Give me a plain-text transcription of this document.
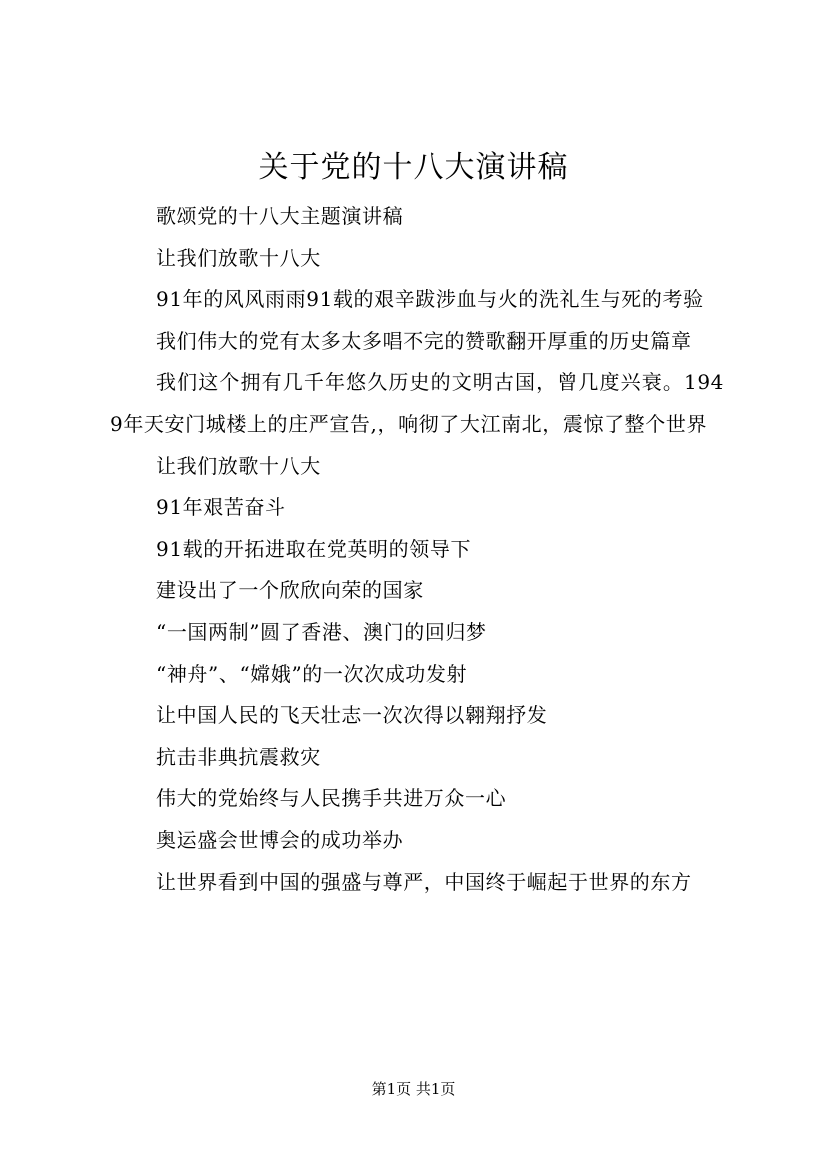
关于党的十八大演讲稿

歌颂党的十八大主题演讲稿

让我们放歌十八大

91年的风风雨雨91载的艰辛跋涉血与火的洗礼生与死的考验

我们伟大的党有太多太多唱不完的赞歌翻开厚重的历史篇章

我们这个拥有几千年悠久历史的文明古国，曾几度兴衰。1949年天安门城楼上的庄严宣告,，响彻了大江南北，震惊了整个世界

让我们放歌十八大

91年艰苦奋斗

91载的开拓进取在党英明的领导下

建设出了一个欣欣向荣的国家

“一国两制”圆了香港、澳门的回归梦

“神舟”、“嫦娥”的一次次成功发射

让中国人民的飞天壮志一次次得以翱翔抒发

抗击非典抗震救灾

伟大的党始终与人民携手共进万众一心

奥运盛会世博会的成功举办

让世界看到中国的强盛与尊严，中国终于崛起于世界的东方

第1页 共1页
